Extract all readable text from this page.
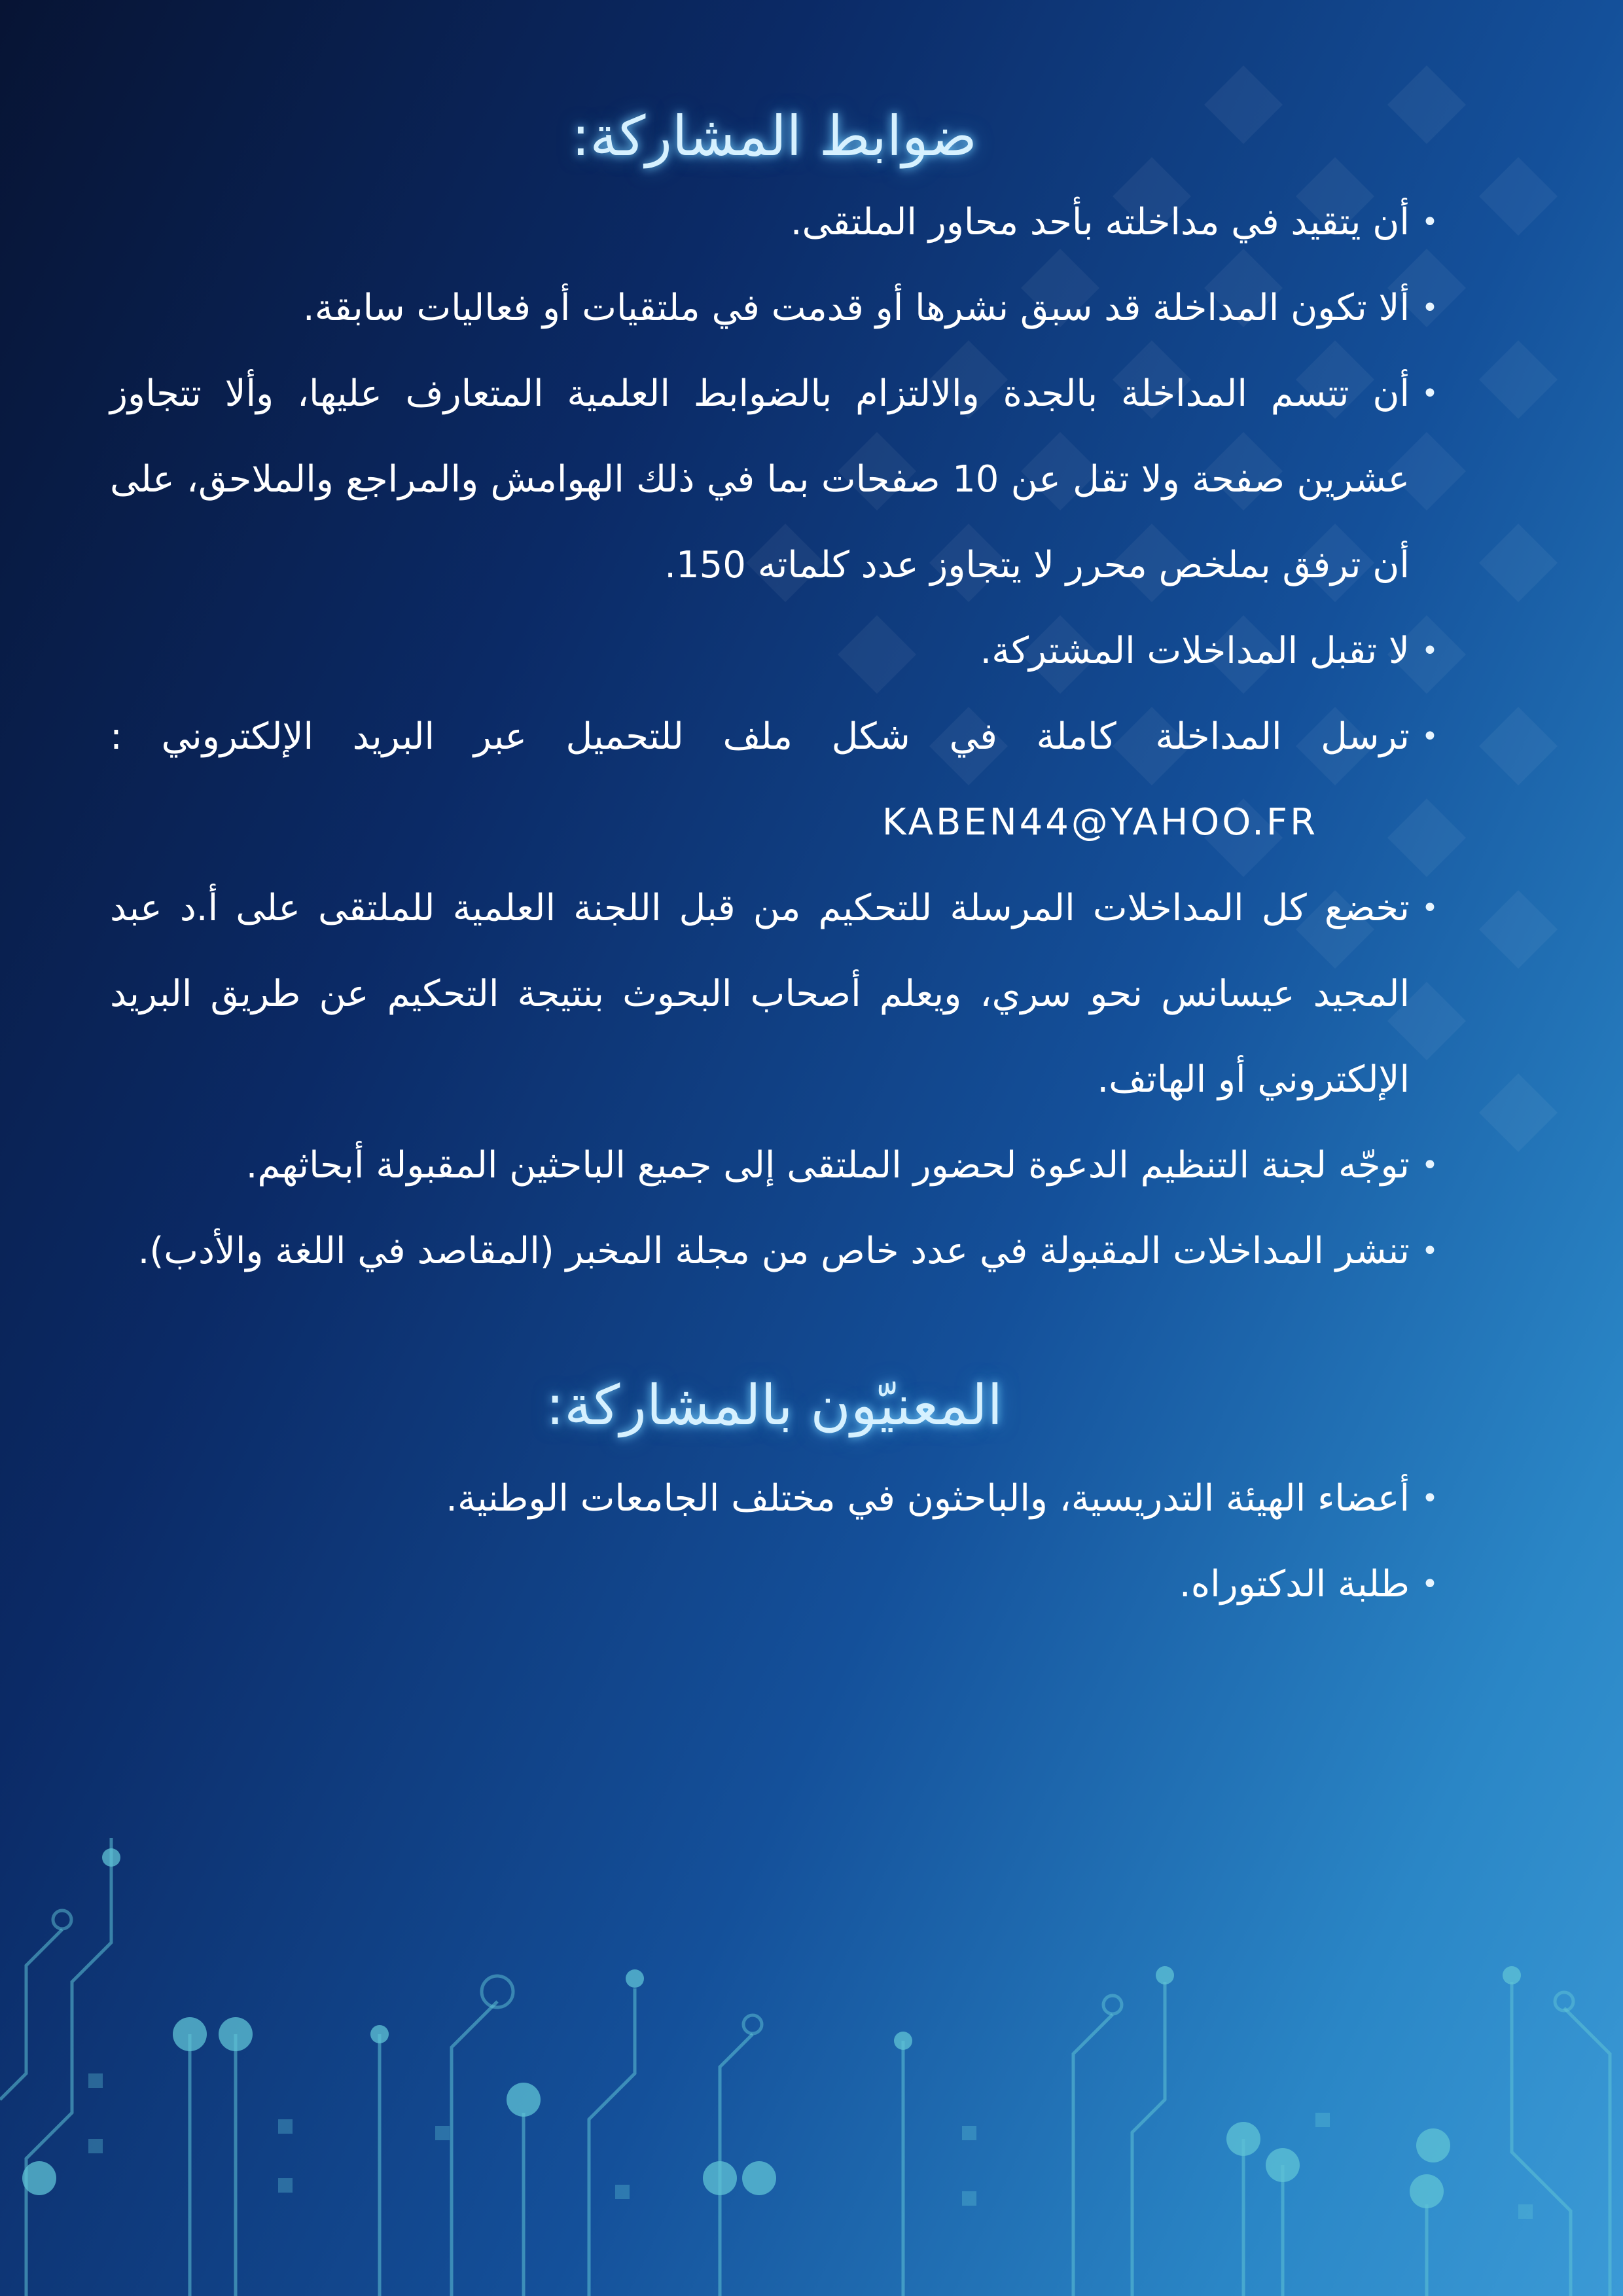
ضوابط المشاركة:
•
أن يتقيد في مداخلته بأحد محاور الملتقى.
•
ألا تكون المداخلة قد سبق نشرها أو قدمت في ملتقيات أو فعاليات سابقة.
•
أن تتسم المداخلة بالجدة والالتزام بالضوابط العلمية المتعارف عليها، وألا تتجاوز عشرين صفحة ولا تقل عن 10 صفحات بما في ذلك الهوامش والمراجع والملاحق، على أن ترفق بملخص محرر لا يتجاوز عدد كلماته 150.
•
لا تقبل المداخلات المشتركة.
•
ترسل المداخلة كاملة في شكل ملف للتحميل عبر البريد الإلكتروني : KABEN44@YAHOO.FR
•
تخضع كل المداخلات المرسلة للتحكيم من قبل اللجنة العلمية للملتقى على أ.د عبد المجيد عيسانس نحو سري، ويعلم أصحاب البحوث بنتيجة التحكيم عن طريق البريد الإلكتروني أو الهاتف.
•
توجّه لجنة التنظيم الدعوة لحضور الملتقى إلى جميع الباحثين المقبولة أبحاثهم.
•
تنشر المداخلات المقبولة في عدد خاص من مجلة المخبر (المقاصد في اللغة والأدب).
المعنيّون بالمشاركة:
•
أعضاء الهيئة التدريسية، والباحثون في مختلف الجامعات الوطنية.
•
طلبة الدكتوراه.
